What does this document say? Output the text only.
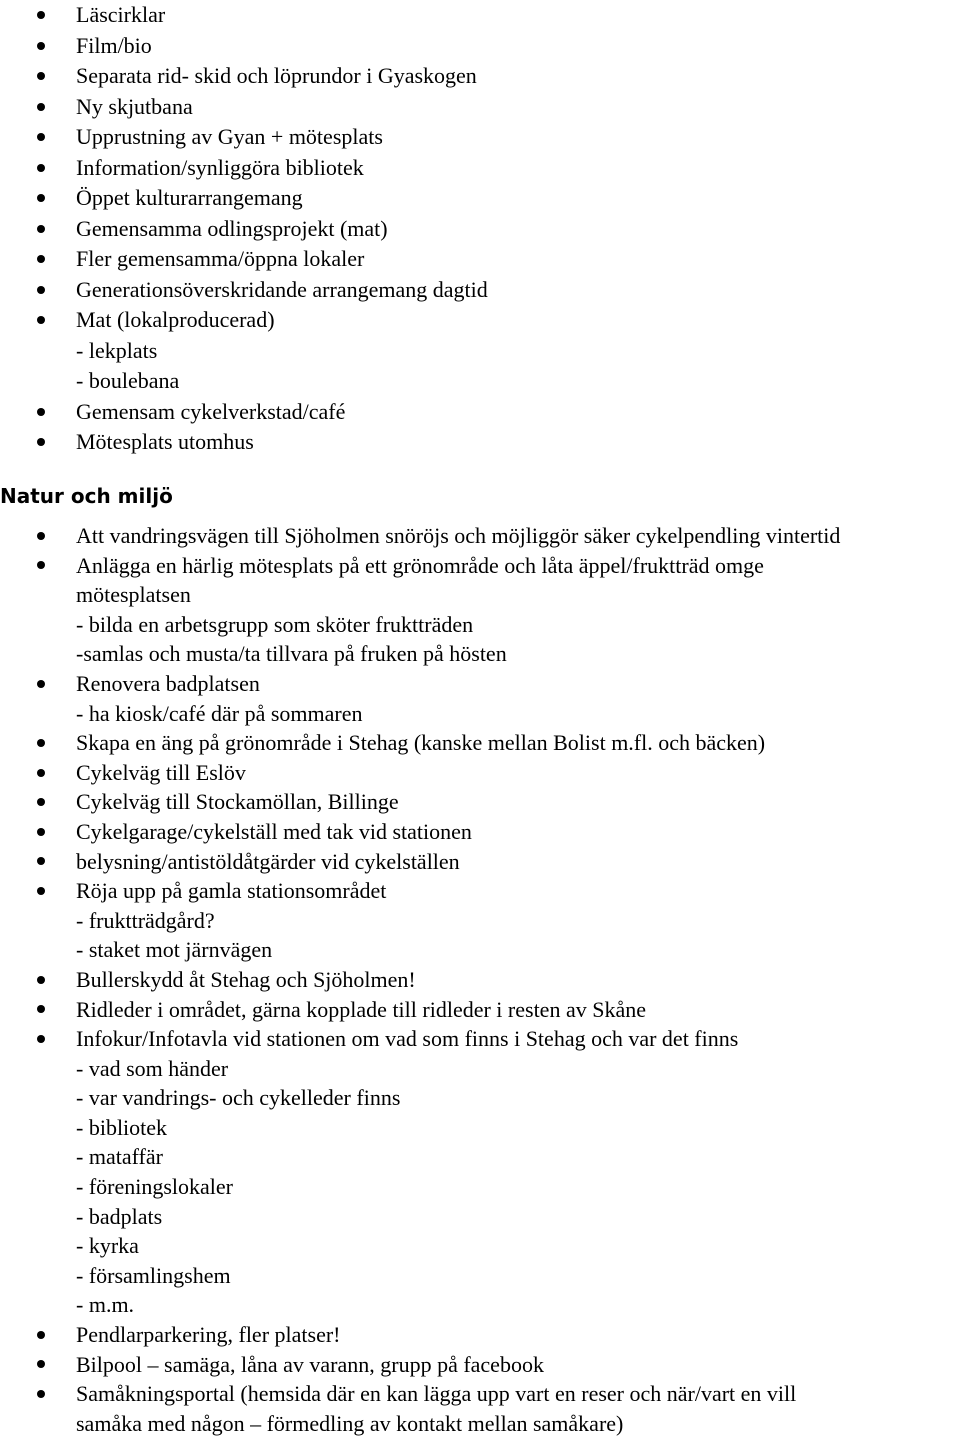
Läscirklar
Film/bio
Separata rid- skid och löprundor i Gyaskogen
Ny skjutbana
Upprustning av Gyan + mötesplats
Information/synliggöra bibliotek
Öppet kulturarrangemang
Gemensamma odlingsprojekt (mat)
Fler gemensamma/öppna lokaler
Generationsöverskridande arrangemang dagtid
Mat (lokalproducerad)
- lekplats
- boulebana
Gemensam cykelverkstad/café
Mötesplats utomhus
Natur och miljö
Att vandringsvägen till Sjöholmen snöröjs och möjliggör säker cykelpendling vintertid
Anlägga en härlig mötesplats på ett grönområde och låta äppel/fruktträd omge
mötesplatsen
- bilda en arbetsgrupp som sköter fruktträden
-samlas och musta/ta tillvara på fruken på hösten
Renovera badplatsen
- ha kiosk/café där på sommaren
Skapa en äng på grönområde i Stehag (kanske mellan Bolist m.fl. och bäcken)
Cykelväg till Eslöv
Cykelväg till Stockamöllan, Billinge
Cykelgarage/cykelställ med tak vid stationen
belysning/antistöldåtgärder vid cykelställen
Röja upp på gamla stationsområdet
- fruktträdgård?
- staket mot järnvägen
Bullerskydd åt Stehag och Sjöholmen!
Ridleder i området, gärna kopplade till ridleder i resten av Skåne
Infokur/Infotavla vid stationen om vad som finns i Stehag och var det finns
- vad som händer
- var vandrings- och cykelleder finns
- bibliotek
- mataffär
- föreningslokaler
- badplats
- kyrka
- församlingshem
- m.m.
Pendlarparkering, fler platser!
Bilpool – samäga, låna av varann, grupp på facebook
Samåkningsportal (hemsida där en kan lägga upp vart en reser och när/vart en vill
samåka med någon – förmedling av kontakt mellan samåkare)
